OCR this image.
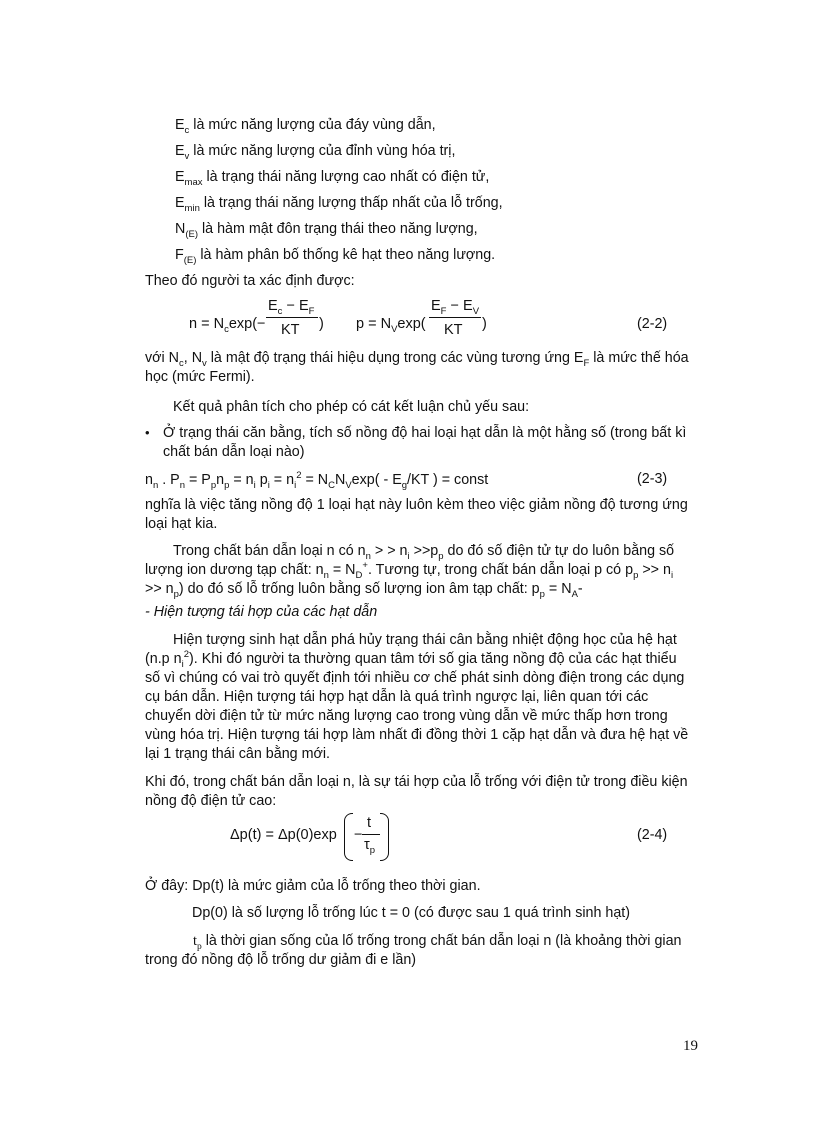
$E_c$ là mức năng lượng của đáy vùng dẫn,
$E_v$ là mức năng lượng của đỉnh vùng hóa trị,
$E_{max}$ là trạng thái năng lượng cao nhất có điện tử,
$E_{min}$ là trạng thái năng lượng thấp nhất của lỗ trống,
$N_{(E)}$ là hàm mật đôn trạng thái theo năng lượng,
$F_{(E)}$ là hàm phân bố thống kê hạt theo năng lượng.
Theo đó người ta xác định được:
$n = N_c\exp(-$
$E_c - E_F$
KT ) $p = N_V\exp$(
$E_F - E_V$
KT )	(2-2)
với $N_c$, $N_v$ là mật độ trạng thái hiệu dụng trong các vùng tương ứng $E_F$ là mức thế hóa
học (mức Fermi).
Kết quả phân tích cho phép có cát kết luận chủ yếu sau:
• Ở trạng thái căn bằng, tích số nồng độ hai loại hạt dẫn là một hằng số (trong bất kì
chất bán dẫn loại nào)
$n_n$ . $P_n = P_pn_p = n_i$ $p_i = n_i^2 = N_CN_V\exp( - E_g/KT$ ) = const	(2-3)
nghĩa là việc tăng nồng độ 1 loại hạt này luôn kèm theo việc giảm nồng độ tương ứng
loại hạt kia.
Trong chất bán dẫn loại n có $n_n$ > > $n_i >>p_p$ do đó số điện tử tự do luôn bằng số
lượng ion dương tạp chất: $n_n = N_D^+$. Tương tự, trong chất bán dẫn loại p có $p_p >> n_i$
>> $n_p$) do đó số lỗ trống luôn bằng số lượng ion âm tạp chất: $p_p = N_A-$
- Hiện tượng tái hợp của các hạt dẫn
Hiện tượng sinh hạt dẫn phá hủy trạng thái cân bằng nhiệt động học của hệ hạt
(n.p $n_i^2$). Khi đó người ta thường quan tâm tới số gia tăng nồng độ của các hạt thiểu
số vì chúng có vai trò quyết định tới nhiều cơ chế phát sinh dòng điện trong các dụng
cụ bán dẫn. Hiện tượng tái hợp hạt dẫn là quá trình ngược lại, liên quan tới các
chuyển dời điện tử từ mức năng lượng cao trong vùng dẫn về mức thấp hơn trong
vùng hóa trị. Hiện tượng tái hợp làm nhất đi đồng thời 1 cặp hạt dẫn và đưa hệ hạt về
lại 1 trạng thái cân bằng mới.
Khi đó, trong chất bán dẫn loại n, là sự tái hợp của lỗ trống với điện tử trong điều kiện
nồng độ điện tử cao:
Δp(t) = Δp(0)exp −
t
$\tau_p$
(2-4)
Ở đây: Dp(t) là mức giảm của lỗ trống theo thời gian.
Dp(0) là số lượng lỗ trống lúc t = 0 (có được sau 1 quá trình sinh hạt)
$t_p$ là thời gian sống của lố trống trong chất bán dẫn loại n (là khoảng thời gian
trong đó nồng độ lỗ trống dư giảm đi e lần)
19
